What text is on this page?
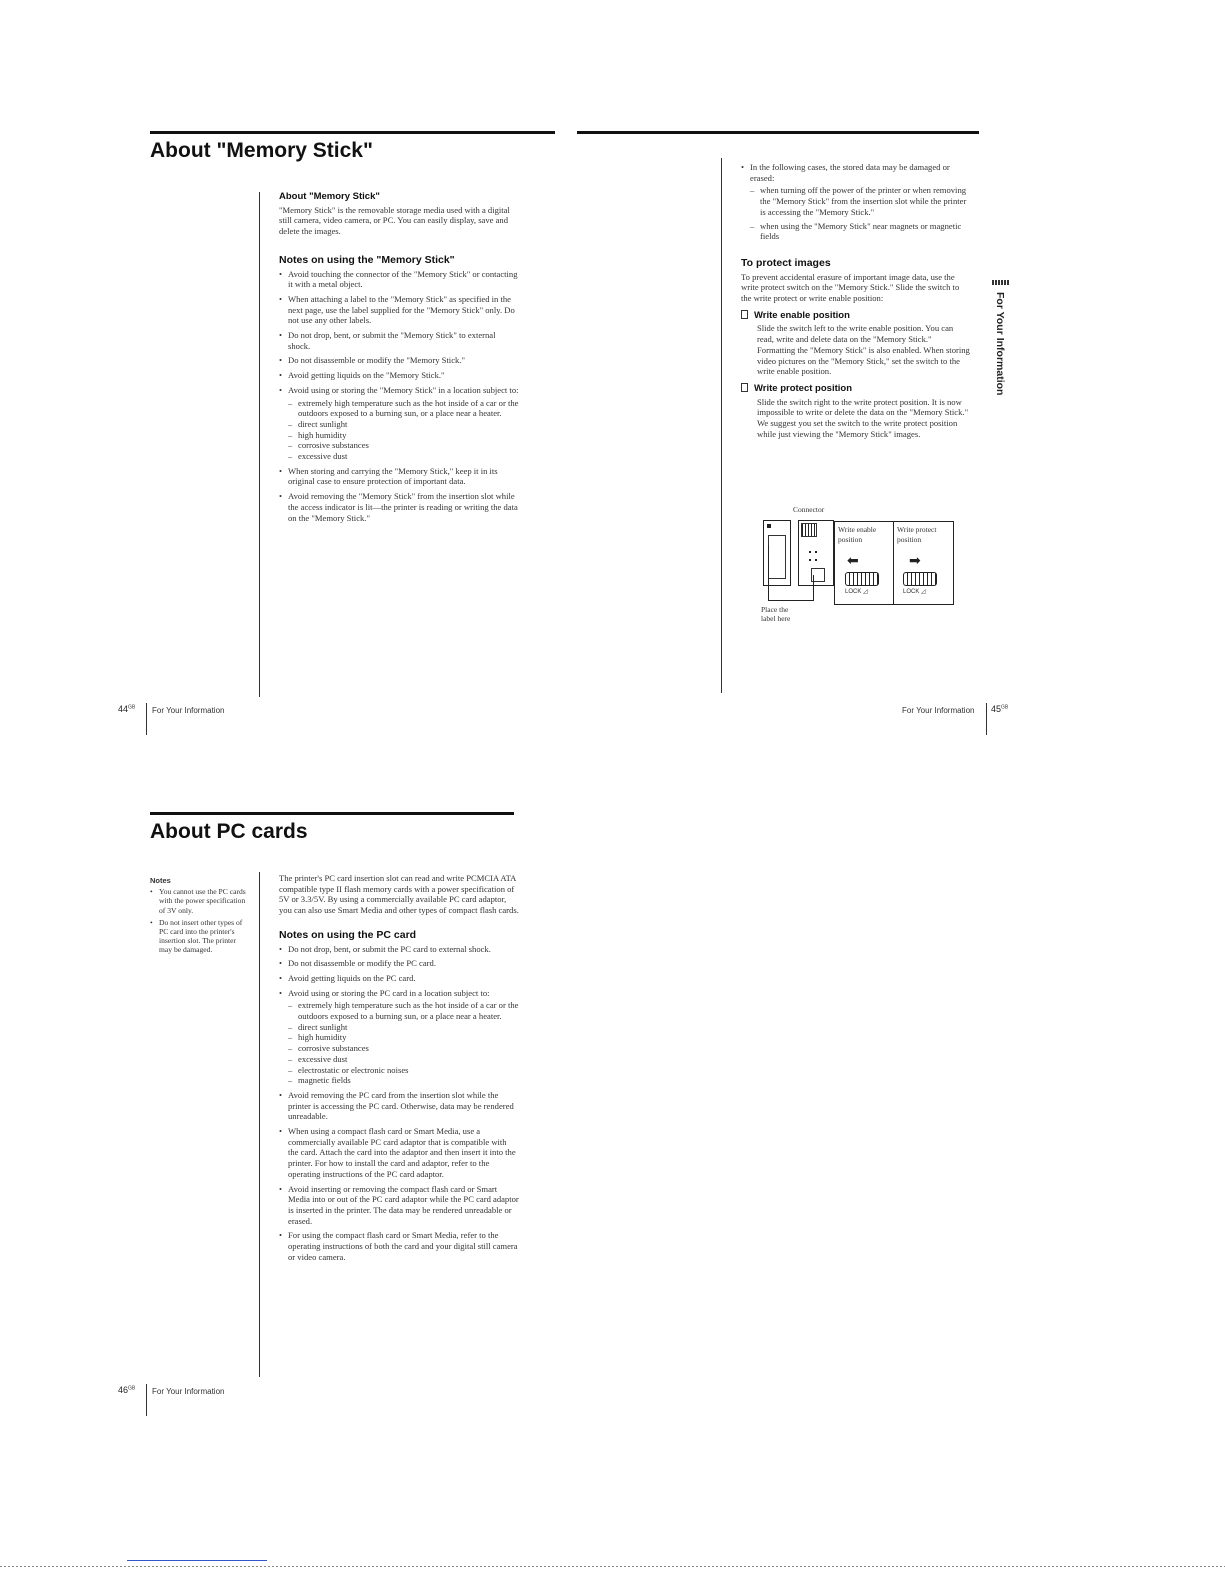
About "Memory Stick"
About "Memory Stick"

"Memory Stick" is the removable storage media used with a digital still camera, video camera, or PC. You can easily display, save and delete the images.

Notes on using the "Memory Stick"
• Avoid touching the connector of the "Memory Stick" or contacting it with a metal object.
• When attaching a label to the "Memory Stick" as specified in the next page, use the label supplied for the "Memory Stick" only. Do not use any other labels.
• Do not drop, bent, or submit the "Memory Stick" to external shock.
• Do not disassemble or modify the "Memory Stick."
• Avoid getting liquids on the "Memory Stick."
• Avoid using or storing the "Memory Stick" in a location subject to:
– extremely high temperature such as the hot inside of a car or the outdoors exposed to a burning sun, or a place near a heater.
– direct sunlight
– high humidity
– corrosive substances
– excessive dust
• When storing and carrying the "Memory Stick," keep it in its original case to ensure protection of important data.
• Avoid removing the "Memory Stick" from the insertion slot while the access indicator is lit—the printer is reading or writing the data on the "Memory Stick."
$44^{GB}$ For Your Information
• In the following cases, the stored data may be damaged or erased:
– when turning off the power of the printer or when removing the "Memory Stick" from the insertion slot while the printer is accessing the "Memory Stick."
– when using the "Memory Stick" near magnets or magnetic fields
To protect images

To prevent accidental erasure of important image data, use the write protect switch on the "Memory Stick." Slide the switch to the write protect or write enable position:

Write enable position

Slide the switch left to the write enable position. You can read, write and delete data on the "Memory Stick." Formatting the "Memory Stick" is also enabled. When storing video pictures on the "Memory Stick," set the switch to the write enable position.

Write protect position

Slide the switch right to the write protect position. It is now impossible to write or delete the data on the "Memory Stick." We suggest you set the switch to the write protect position while just viewing the "Memory Stick" images.

Connector
Write enable
position
Write protect
position
⬅	➡
LOCK ◿	LOCK ◿
Place the
label here
For Your Information
For Your Information $45^{GB}$
About PC cards
Notes
• You cannot use the PC cards with the power specification of 3V only.
• Do not insert other types of PC card into the printer's insertion slot. The printer may be damaged.

The printer's PC card insertion slot can read and write PCMCIA ATA compatible type II flash memory cards with a power specification of 5V or 3.3/5V. By using a commercially available PC card adaptor, you can also use Smart Media and other types of compact flash cards.

Notes on using the PC card
• Do not drop, bent, or submit the PC card to external shock.
• Do not disassemble or modify the PC card.
• Avoid getting liquids on the PC card.
• Avoid using or storing the PC card in a location subject to:
– extremely high temperature such as the hot inside of a car or the outdoors exposed to a burning sun, or a place near a heater.
– direct sunlight
– high humidity
– corrosive substances
– excessive dust
– electrostatic or electronic noises
– magnetic fields
• Avoid removing the PC card from the insertion slot while the printer is accessing the PC card. Otherwise, data may be rendered unreadable.
• When using a compact flash card or Smart Media, use a commercially available PC card adaptor that is compatible with the card. Attach the card into the adaptor and then insert it into the printer. For how to install the card and adaptor, refer to the operating instructions of the PC card adaptor.
• Avoid inserting or removing the compact flash card or Smart Media into or out of the PC card adaptor while the PC card adaptor is inserted in the printer. The data may be rendered unreadable or erased.
• For using the compact flash card or Smart Media, refer to the operating instructions of both the card and your digital still camera or video camera.
$46^{GB}$ For Your Information
